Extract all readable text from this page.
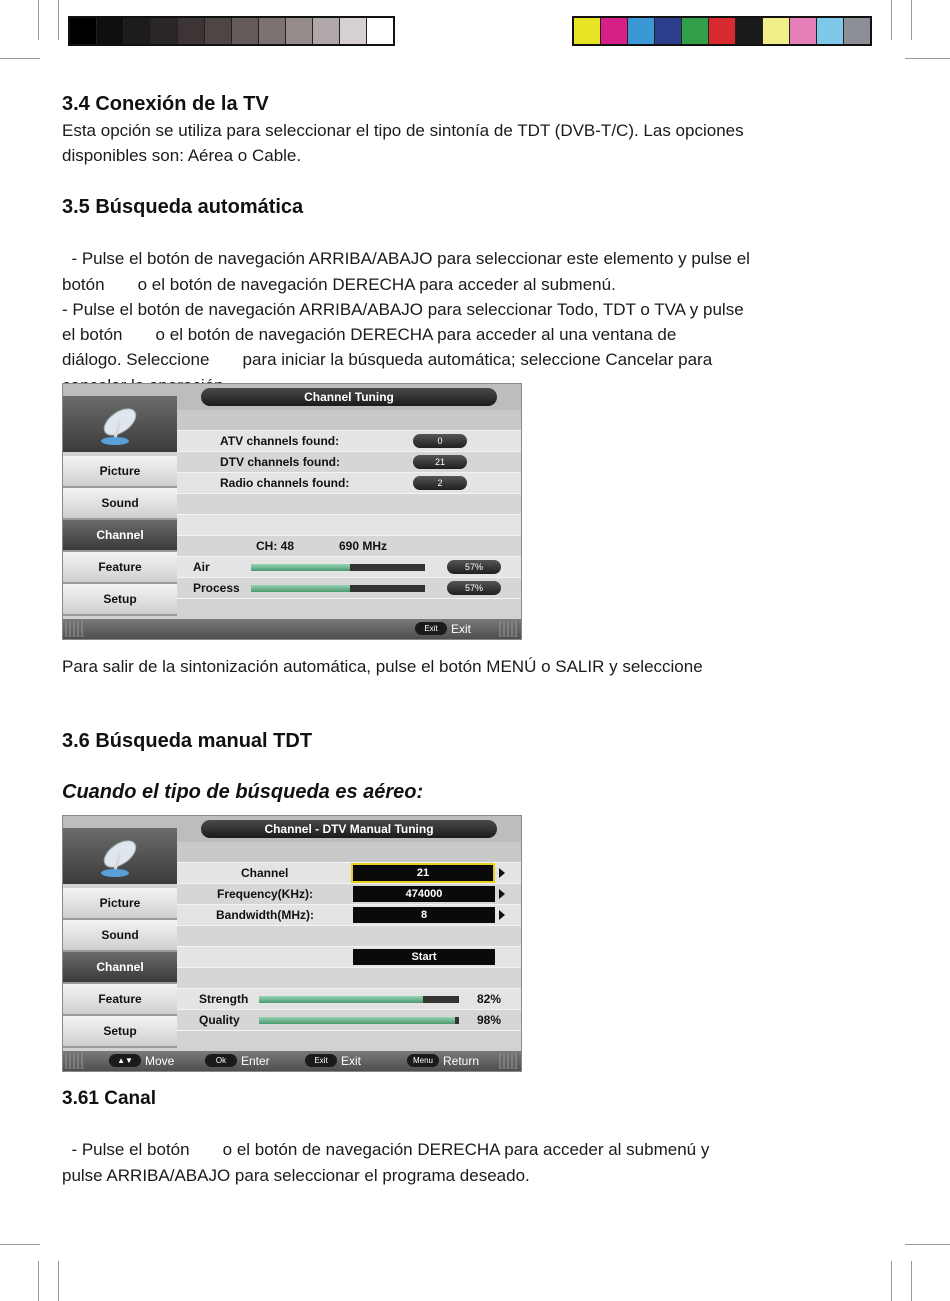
3.4 Conexión de la TV

Esta opción se utiliza para seleccionar el tipo de sintonía de TDT (DVB-T/C). Las opciones
disponibles son: Aérea o Cable.

3.5 Búsqueda automática

- Pulse el botón de navegación ARRIBA/ABAJO para seleccionar este elemento y pulse el
botón       o el botón de navegación DERECHA para acceder al submenú.
- Pulse el botón de navegación ARRIBA/ABAJO para seleccionar Todo, TDT o TVA y pulse
el botón       o el botón de navegación DERECHA para acceder al una ventana de
diálogo. Seleccione       para iniciar la búsqueda automática; seleccione Cancelar para

Channel Tuning
Picture
Sound
Channel
Feature
Setup
ATV channels found:	0
DTV channels found:	21
Radio channels found:	2
CH: 48	690 MHz
Air	57%
Process	57%
Exit	Exit

Para salir de la sintonización automática, pulse el botón MENÚ o SALIR y seleccione

3.6 Búsqueda manual TDT
Cuando el tipo de búsqueda es aéreo:
Channel - DTV Manual Tuning
Picture
Sound
Channel
Feature
Setup
Channel	21
Frequency(KHz):	474000
Bandwidth(MHz):	8
Start
Strength	82%
Quality	98%
▲▼	Move	Ok	Enter	Exit	Exit	Menu Return
3.61 Canal

- Pulse el botón       o el botón de navegación DERECHA para acceder al submenú y
pulse ARRIBA/ABAJO para seleccionar el programa deseado.
